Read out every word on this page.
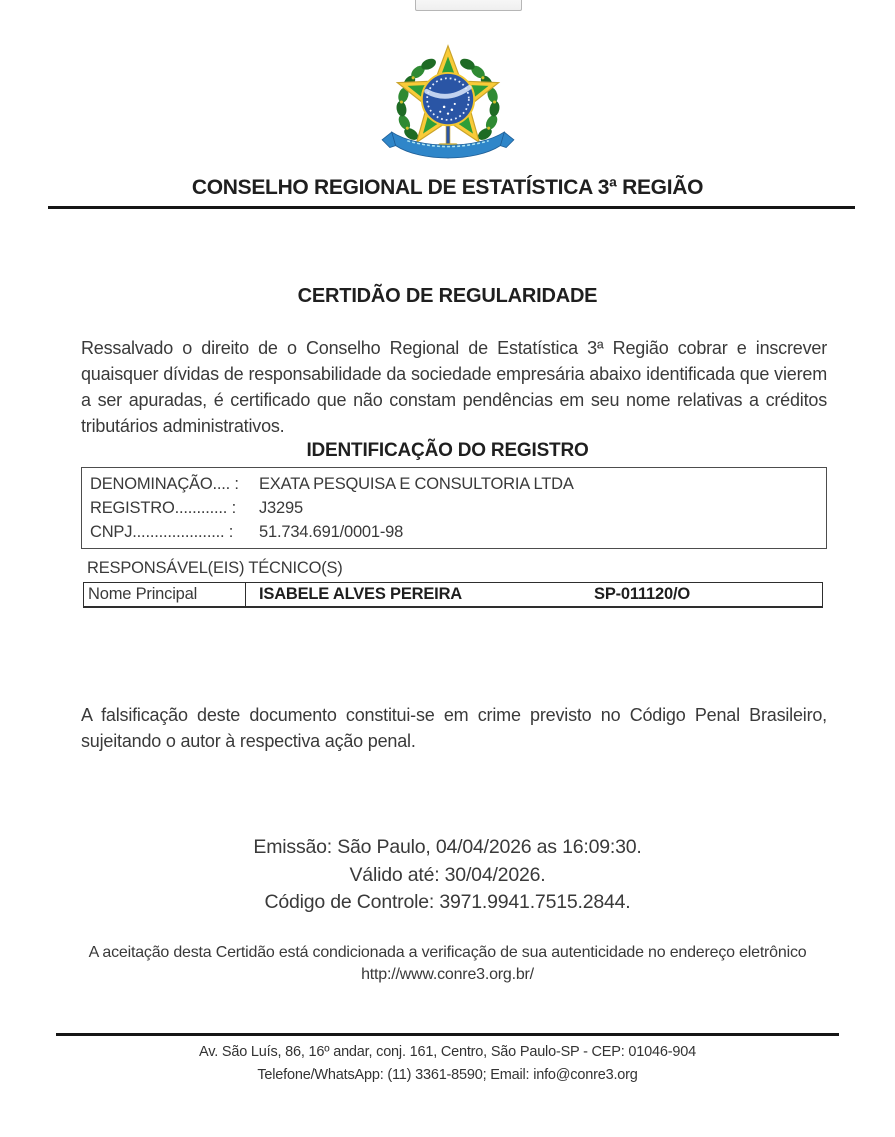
CONSELHO REGIONAL DE ESTATÍSTICA 3ª REGIÃO
CERTIDÃO DE REGULARIDADE

Ressalvado o direito de o Conselho Regional de Estatística 3ª Região cobrar e inscrever quaisquer dívidas de responsabilidade da sociedade empresária abaixo identificada que vierem a ser apuradas, é certificado que não constam pendências em seu nome relativas a créditos tributários administrativos.

IDENTIFICAÇÃO DO REGISTRO
DENOMINAÇÃO.... : EXATA PESQUISA E CONSULTORIA LTDA
REGISTRO............ : J3295
CNPJ..................... : 51.734.691/0001-98
RESPONSÁVEL(EIS) TÉCNICO(S)
Nome Principal	ISABELE ALVES PEREIRA	SP-011120/O

A falsificação deste documento constitui-se em crime previsto no Código Penal Brasileiro, sujeitando o autor à respectiva ação penal.

Emissão: São Paulo, 04/04/2026 as 16:09:30.
Válido até: 30/04/2026.
Código de Controle: 3971.9941.7515.2844.

A aceitação desta Certidão está condicionada a verificação de sua autenticidade no endereço eletrônico http://www.conre3.org.br/

Av. São Luís, 86, 16º andar, conj. 161, Centro, São Paulo-SP - CEP: 01046-904
Telefone/WhatsApp: (11) 3361-8590; Email: info@conre3.org
